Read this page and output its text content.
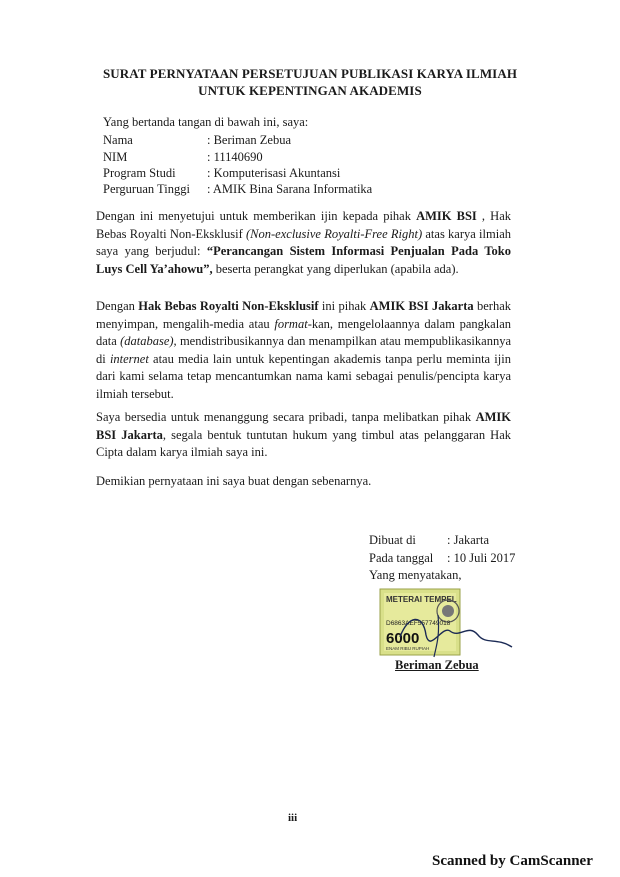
SURAT PERNYATAAN PERSETUJUAN PUBLIKASI KARYA ILMIAH
UNTUK KEPENTINGAN AKADEMIS
Yang bertanda tangan di bawah ini, saya:
Nama	: Beriman Zebua
NIM	: 11140690
Program Studi	: Komputerisasi Akuntansi
Perguruan Tinggi : AMIK Bina Sarana Informatika

Dengan ini menyetujui untuk memberikan ijin kepada pihak AMIK BSI , Hak Bebas Royalti Non-Eksklusif (Non-exclusive Royalti-Free Right) atas karya ilmiah saya yang berjudul: “Perancangan Sistem Informasi Penjualan Pada Toko Luys Cell Ya’ahowu”, beserta perangkat yang diperlukan (apabila ada).

Dengan Hak Bebas Royalti Non-Eksklusif ini pihak AMIK BSI Jakarta berhak menyimpan, mengalih-media atau format-kan, mengelolaannya dalam pangkalan data (database), mendistribusikannya dan menampilkan atau mempublikasikannya di internet atau media lain untuk kepentingan akademis tanpa perlu meminta ijin dari kami selama tetap mencantumkan nama kami sebagai penulis/pencipta karya ilmiah tersebut.

Saya bersedia untuk menanggung secara pribadi, tanpa melibatkan pihak AMIK BSI Jakarta, segala bentuk tuntutan hukum yang timbul atas pelanggaran Hak Cipta dalam karya ilmiah saya ini.

Demikian pernyataan ini saya buat dengan sebenarnya.

Dibuat di : Jakarta
Pada tanggal : 10 Juli 2017
Yang menyatakan,
METERAI TEMPEL
D6863AEF557749018
6000
ENAM RIBU RUPIAH
Beriman Zebua
iii
Scanned by CamScanner
